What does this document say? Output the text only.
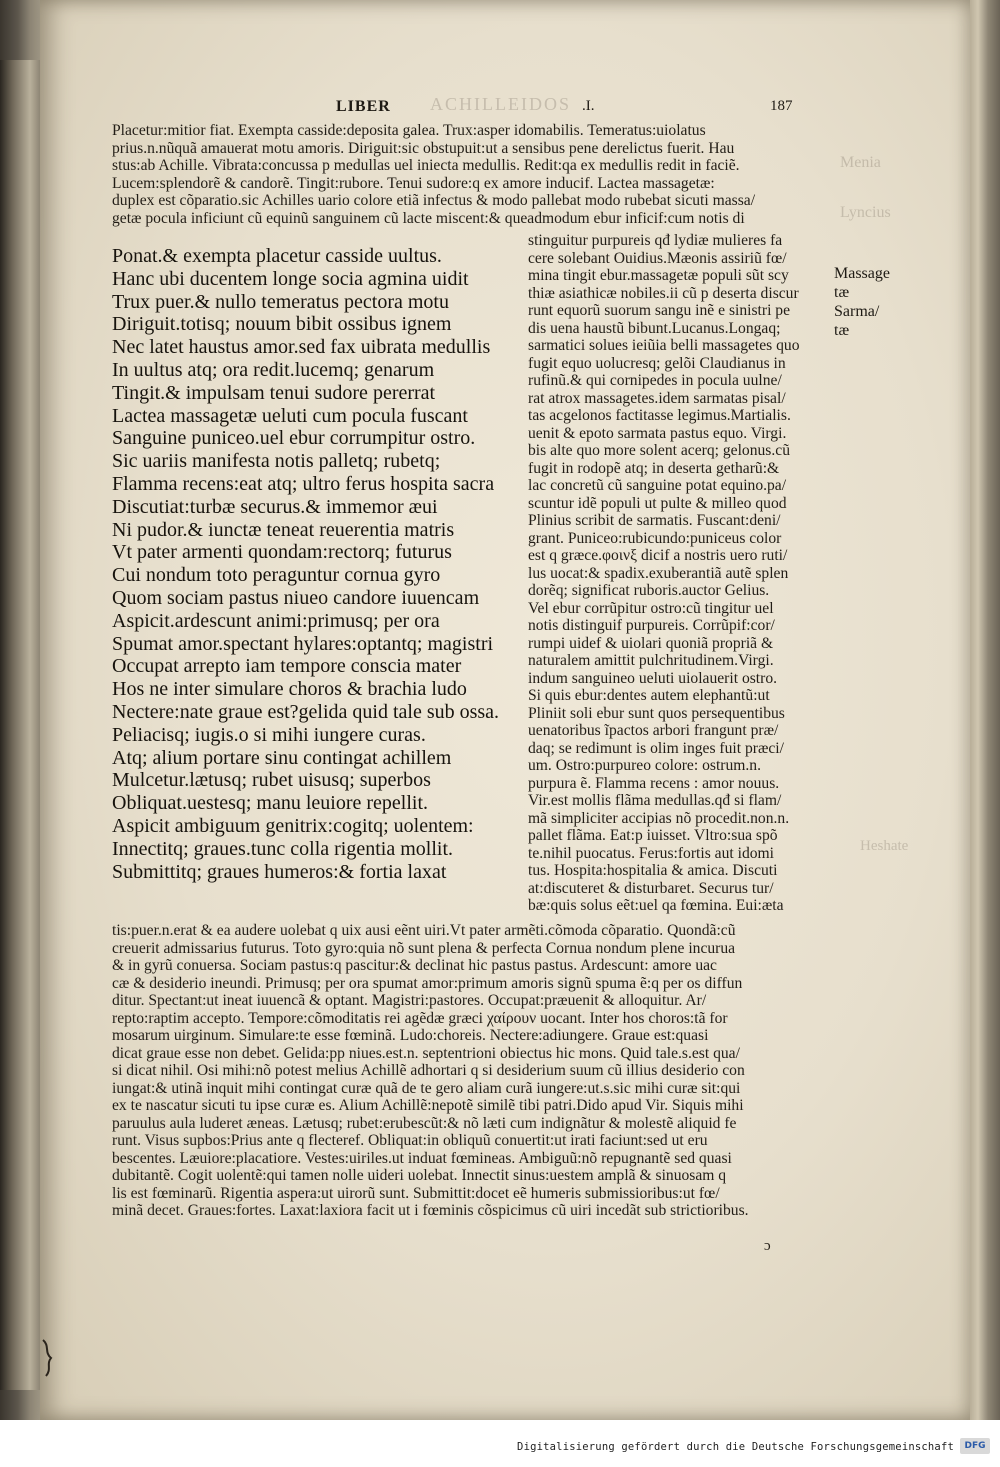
ACHILLEIDOS
Menia
Lyncius
Heshate
LIBER	.I.	187
Placetur:mitior fiat. Exempta casside:deposita galea. Trux:asper idomabilis. Temeratus:uiolatus
prius.n.nũquã amauerat motu amoris. Diriguit:sic obstupuit:ut a sensibus pene derelictus fuerit. Hau
stus:ab Achille. Vibrata:concussa p medullas uel iniecta medullis. Redit:qa ex medullis redit in faciẽ.
Lucem:splendorẽ & candorẽ. Tingit:rubore. Tenui sudore:q ex amore inducif. Lactea massagetæ:
duplex est cõparatio.sic Achilles uario colore etiã infectus & modo pallebat modo rubebat sicuti massa/
getæ pocula inficiunt cũ equinũ sanguinem cũ lacte miscent:& queadmodum ebur inficif:cum notis di
Ponat.& exempta placetur casside uultus.
Hanc ubi ducentem longe socia agmina uidit
Trux puer.& nullo temeratus pectora motu
Diriguit.totisq; nouum bibit ossibus ignem
Nec latet haustus amor.sed fax uibrata medullis
In uultus atq; ora redit.lucemq; genarum
Tingit.& impulsam tenui sudore pererrat
Lactea massagetæ ueluti cum pocula fuscant
Sanguine puniceo.uel ebur corrumpitur ostro.
Sic uariis manifesta notis palletq; rubetq;
Flamma recens:eat atq; ultro ferus hospita sacra
Discutiat:turbæ securus.& immemor æui
Ni pudor.& iunctæ teneat reuerentia matris
Vt pater armenti quondam:rectorq; futurus
Cui nondum toto peraguntur cornua gyro
Quom sociam pastus niueo candore iuuencam
Aspicit.ardescunt animi:primusq; per ora
Spumat amor.spectant hylares:optantq; magistri
Occupat arrepto iam tempore conscia mater
Hos ne inter simulare choros & brachia ludo
Nectere:nate graue est?gelida quid tale sub ossa.
Peliacisq; iugis.o si mihi iungere curas.
Atq; alium portare sinu contingat achillem
Mulcetur.lætusq; rubet uisusq; superbos
Obliquat.uestesq; manu leuiore repellit.
Aspicit ambiguum genitrix:cogitq; uolentem:
Innectitq; graues.tunc colla rigentia mollit.
Submittitq; graues humeros:& fortia laxat
stinguitur purpureis qđ lydiæ mulieres fa
cere solebant Ouidius.Mæonis assiriũ fœ/
mina tingit ebur.massagetæ populi sũt scy
thiæ asiathicæ nobiles.ii cũ p deserta discur
runt equorũ suorum sangu inẽ e sinistri pe
dis uena haustũ bibunt.Lucanus.Longaq;
sarmatici solues ieiũia belli massagetes quo
fugit equo uolucresq; gelõi Claudianus in
rufinũ.& qui cornipedes in pocula uulne/
rat atrox massagetes.idem sarmatas pisal/
tas acgelonos factitasse legimus.Martialis.
uenit & epoto sarmata pastus equo. Virgi.
bis alte quo more solent acerq; gelonus.cũ
fugit in rodopẽ atq; in deserta getharũ:&
lac concretũ cũ sanguine potat equino.pa/
scuntur idẽ populi ut pulte & milleo quod
Plinius scribit de sarmatis. Fuscant:deni/
grant. Puniceo:rubicundo:puniceus color
est q græce.φοινξ dicif a nostris uero ruti/
lus uocat:& spadix.exuberantiã autẽ splen
dorẽq; significat ruboris.auctor Gelius.
Vel ebur corrũpitur ostro:cũ tingitur uel
notis distinguif purpureis. Corrũpif:cor/
rumpi uidef & uiolari quoniã propriã &
naturalem amittit pulchritudinem.Virgi.
indum sanguineo ueluti uiolauerit ostro.
Si quis ebur:dentes autem elephantũ:ut
Pliniit soli ebur sunt quos persequentibus
uenatoribus ĩpactos arbori frangunt præ/
daq; se redimunt is olim inges fuit præci/
um. Ostro:purpureo colore: ostrum.n.
purpura ẽ. Flamma recens : amor nouus.
Vir.est mollis flãma medullas.qđ si flam/
mã simpliciter accipias nõ procedit.non.n.
pallet flãma. Eat:p iuisset. Vltro:sua spõ
te.nihil puocatus. Ferus:fortis aut idomi
tus. Hospita:hospitalia & amica. Discuti
at:discuteret & disturbaret. Securus tur/
bæ:quis solus eẽt:uel qa fœmina. Eui:æta
Massage
tæ
Sarma/
tæ
tis:puer.n.erat & ea audere uolebat q uix ausi eẽnt uiri.Vt pater armẽti.cõmoda cõparatio. Quondã:cũ
creuerit admissarius futurus. Toto gyro:quia nõ sunt plena & perfecta Cornua nondum plene incurua
& in gyrũ conuersa. Sociam pastus:q pascitur:& declinat hic pastus pastus. Ardescunt: amore uac
cæ & desiderio ineundi. Primusq; per ora spumat amor:primum amoris signũ spuma ẽ:q per os diffun
ditur. Spectant:ut ineat iuuencã & optant. Magistri:pastores. Occupat:præuenit & alloquitur. Ar/
repto:raptim accepto. Tempore:cõmoditatis rei agẽdæ græci χαίρουν uocant. Inter hos choros:tã for
mosarum uirginum. Simulare:te esse fœminã. Ludo:choreis. Nectere:adiungere. Graue est:quasi
dicat graue esse non debet. Gelida:pp niues.est.n. septentrioni obiectus hic mons. Quid tale.s.est qua/
si dicat nihil. Osi mihi:nõ potest melius Achillẽ adhortari q si desiderium suum cũ illius desiderio con
iungat:& utinã inquit mihi contingat curæ quã de te gero aliam curã iungere:ut.s.sic mihi curæ sit:qui
ex te nascatur sicuti tu ipse curæ es. Alium Achillẽ:nepotẽ similẽ tibi patri.Dido apud Vir. Siquis mihi
paruulus aula luderet æneas. Lætusq; rubet:erubescũt:& nõ læti cum indignãtur & molestẽ aliquid fe
runt. Visus supbos:Prius ante q flecteref. Obliquat:in obliquũ conuertit:ut irati faciunt:sed ut eru
bescentes. Læuiore:placatiore. Vestes:uiriles.ut induat fœmineas. Ambiguũ:nõ repugnantẽ sed quasi
dubitantẽ. Cogit uolentẽ:qui tamen nolle uideri uolebat. Innectit sinus:uestem amplã & sinuosam q
lis est fœminarũ. Rigentia aspera:ut uirorũ sunt. Submittit:docet eẽ humeris submissioribus:ut fœ/
minã decet. Graues:fortes. Laxat:laxiora facit ut i fœminis cõspicimus cũ uiri incedãt sub strictioribus.
ɔ
Digitalisierung gefördert durch die Deutsche Forschungsgemeinschaft	DFG
